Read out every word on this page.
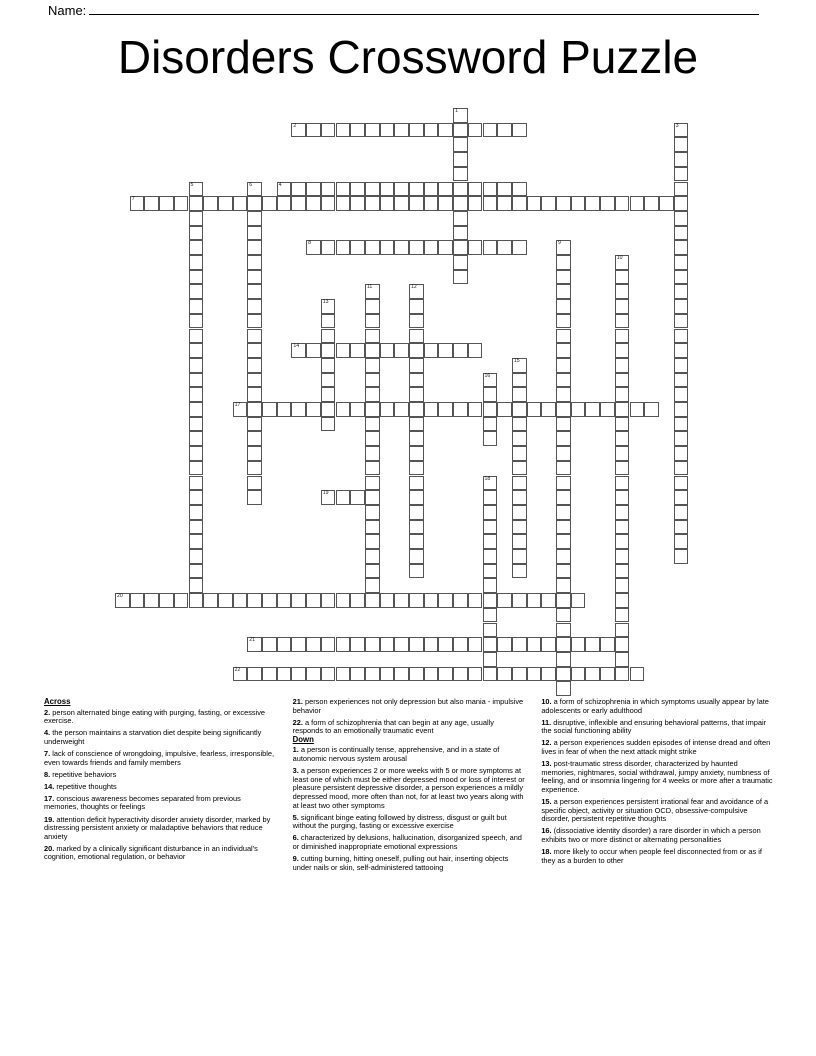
Name:
Disorders Crossword Puzzle
1
2	3
4
5	6
7
8	9
10
11	12
13
14
15
16
17
18
19
20
21
22
Across

2. person alternated binge eating with purging, fasting, or excessive exercise.

4. the person maintains a starvation diet despite being significantly underweight

7. lack of conscience of wrongdoing, impulsive, fearless, irresponsible, even towards friends and family members

8. repetitive behaviors

14. repetitive thoughts

17. conscious awareness becomes separated from previous memories, thoughts or feelings

19. attention deficit hyperactivity disorder anxiety disorder, marked by distressing persistent anxiety or maladaptive behaviors that reduce anxiety

20. marked by a clinically significant disturbance in an individual's cognition, emotional regulation, or behavior

21. person experiences not only depression but also mania - impulsive behavior

22. a form of schizophrenia that can begin at any age, usually responds to an emotionally traumatic event

Down

1. a person is continually tense, apprehensive, and in a state of autonomic nervous system arousal

3. a person experiences 2 or more weeks with 5 or more symptoms at least one of which must be either depressed mood or loss of interest or pleasure persistent depressive disorder, a person experiences a mildly depressed mood, more often than not, for at least two years along with at least two other symptoms

5. significant binge eating followed by distress, disgust or guilt but without the purging, fasting or excessive exercise

6. characterized by delusions, hallucination, disorganized speech, and or diminished inappropriate emotional expressions

9. cutting burning, hitting oneself, pulling out hair, inserting objects under nails or skin, self-administered tattooing

10. a form of schizophrenia in which symptoms usually appear by late adolescents or early adulthood

11. disruptive, inflexible and ensuring behavioral patterns, that impair the social functioning ability

12. a person experiences sudden episodes of intense dread and often lives in fear of when the next attack might strike

13. post-traumatic stress disorder, characterized by haunted memories, nightmares, social withdrawal, jumpy anxiety, numbness of feeling, and or insomnia lingering for 4 weeks or more after a traumatic experience.

15. a person experiences persistent irrational fear and avoidance of a specific object, activity or situation OCD, obsessive-compulsive disorder, persistent repetitive thoughts

16. (dissociative identity disorder) a rare disorder in which a person exhibits two or more distinct or alternating personalities

18. more likely to occur when people feel disconnected from or as if they as a burden to other
